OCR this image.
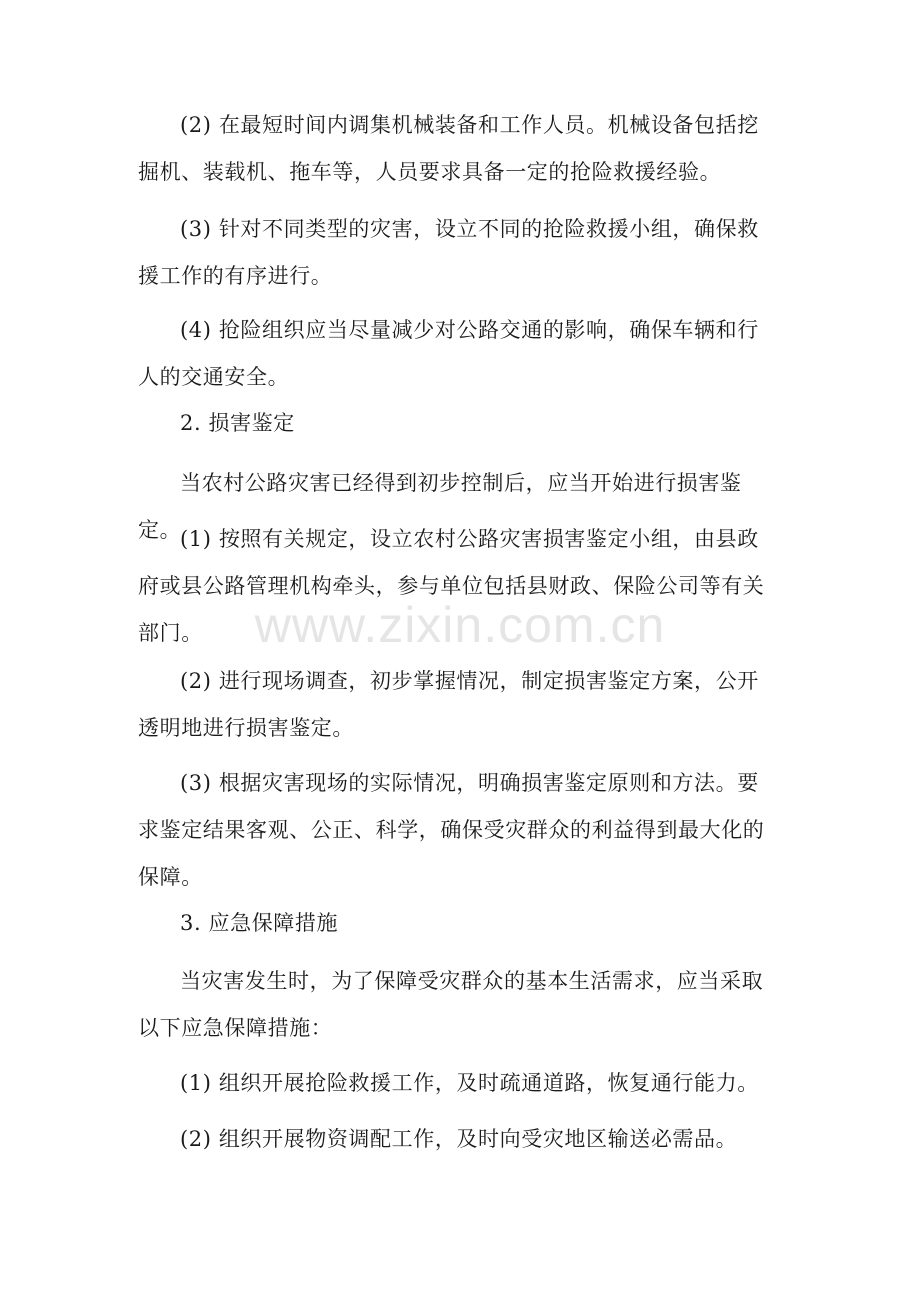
(2) 在最短时间内调集机械装备和工作人员。机械设备包括挖掘机、装载机、拖车等，人员要求具备一定的抢险救援经验。

(3) 针对不同类型的灾害，设立不同的抢险救援小组，确保救援工作的有序进行。

(4) 抢险组织应当尽量减少对公路交通的影响，确保车辆和行人的交通安全。

2. 损害鉴定

当农村公路灾害已经得到初步控制后，应当开始进行损害鉴定。

(1) 按照有关规定，设立农村公路灾害损害鉴定小组，由县政府或县公路管理机构牵头，参与单位包括县财政、保险公司等有关部门。

(2) 进行现场调查，初步掌握情况，制定损害鉴定方案，公开透明地进行损害鉴定。

(3) 根据灾害现场的实际情况，明确损害鉴定原则和方法。要求鉴定结果客观、公正、科学，确保受灾群众的利益得到最大化的保障。

3. 应急保障措施

当灾害发生时，为了保障受灾群众的基本生活需求，应当采取以下应急保障措施：

(1) 组织开展抢险救援工作，及时疏通道路，恢复通行能力。

(2) 组织开展物资调配工作，及时向受灾地区输送必需品。

www.zixin.com.cn
